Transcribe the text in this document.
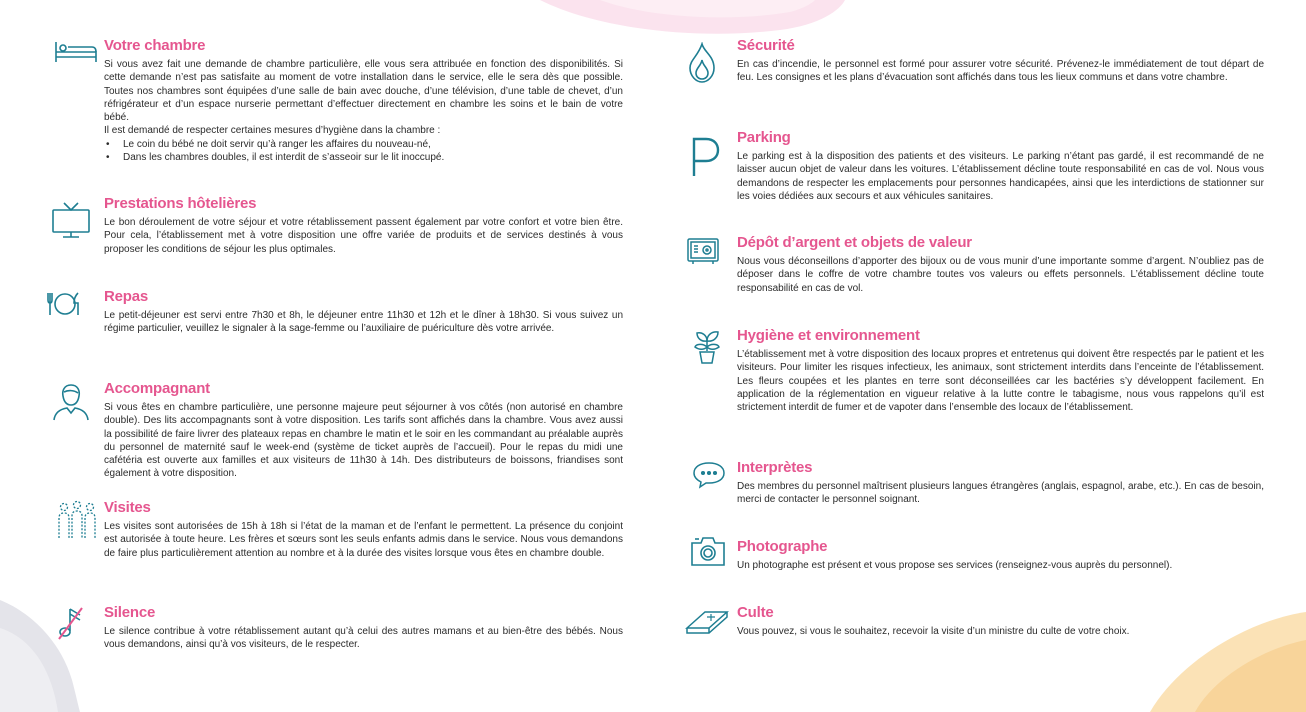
Votre chambre

Si vous avez fait une demande de chambre particulière, elle vous sera attribuée en fonction des disponibilités. Si cette demande n’est pas satisfaite au moment de votre installation dans le service, elle le sera dès que possible. Toutes nos chambres sont équipées d’une salle de bain avec douche, d’une télévision, d’une table de chevet, d’un réfrigérateur et d’un espace nurserie permettant d’effectuer directement en chambre les soins et le bain de votre bébé.

Il est demandé de respecter certaines mesures d’hygiène dans la chambre :

• Le coin du bébé ne doit servir qu’à ranger les affaires du nouveau-né,
• Dans les chambres doubles, il est interdit de s’asseoir sur le lit inoccupé.
Prestations hôtelières

Le bon déroulement de votre séjour et votre rétablissement passent également par votre confort et votre bien être. Pour cela, l’établissement met à votre disposition une offre variée de produits et de services destinés à vous proposer les conditions de séjour les plus optimales.

Repas

Le petit-déjeuner est servi entre 7h30 et 8h, le déjeuner entre 11h30 et 12h et le dîner à 18h30. Si vous suivez un régime particulier, veuillez le signaler à la sage-femme ou l’auxiliaire de puériculture dès votre arrivée.

Accompagnant

Si vous êtes en chambre particulière, une personne majeure peut séjourner à vos côtés (non autorisé en chambre double). Des lits accompagnants sont à votre disposition. Les tarifs sont affichés dans la chambre. Vous avez aussi la possibilité de faire livrer des plateaux repas en chambre le matin et le soir en les commandant au préalable auprès du personnel de maternité sauf le week-end (système de ticket auprès de l’accueil). Pour le repas du midi une cafétéria est ouverte aux familles et aux visiteurs de 11h30 à 14h. Des distributeurs de boissons, friandises sont également à votre disposition.

Visites

Les visites sont autorisées de 15h à 18h si l’état de la maman et de l’enfant le permettent. La présence du conjoint est autorisée à toute heure. Les frères et sœurs sont les seuls enfants admis dans le service. Nous vous demandons de faire plus particulièrement attention au nombre et à la durée des visites lorsque vous êtes en chambre double.

Silence

Le silence contribue à votre rétablissement autant qu’à celui des autres mamans et au bien-être des bébés. Nous vous demandons, ainsi qu’à vos visiteurs, de le respecter.

Sécurité

En cas d’incendie, le personnel est formé pour assurer votre sécurité. Prévenez-le immédiatement de tout départ de feu. Les consignes et les plans d’évacuation sont affichés dans tous les lieux communs et dans votre chambre.

Parking

Le parking est à la disposition des patients et des visiteurs. Le parking n’étant pas gardé, il est recommandé de ne laisser aucun objet de valeur dans les voitures. L’établissement décline toute responsabilité en cas de vol. Nous vous demandons de respecter les emplacements pour personnes handicapées, ainsi que les interdictions de stationner sur les voies dédiées aux secours et aux véhicules sanitaires.

Dépôt d’argent et objets de valeur

Nous vous déconseillons d’apporter des bijoux ou de vous munir d’une importante somme d’argent. N’oubliez pas de déposer dans le coffre de votre chambre toutes vos valeurs ou effets personnels. L’établissement décline toute responsabilité en cas de vol.

Hygiène et environnement

L’établissement met à votre disposition des locaux propres et entretenus qui doivent être respectés par le patient et les visiteurs. Pour limiter les risques infectieux, les animaux, sont strictement interdits dans l’enceinte de l’établissement. Les fleurs coupées et les plantes en terre sont déconseillées car les bactéries s’y développent facilement. En application de la réglementation en vigueur relative à la lutte contre le tabagisme, nous vous rappelons qu’il est strictement interdit de fumer et de vapoter dans l’ensemble des locaux de l’établissement.

Interprètes

Des membres du personnel maîtrisent plusieurs langues étrangères (anglais, espagnol, arabe, etc.). En cas de besoin, merci de contacter le personnel soignant.

Photographe

Un photographe est présent et vous propose ses services (renseignez-vous auprès du personnel).

Culte

Vous pouvez, si vous le souhaitez, recevoir la visite d’un ministre du culte de votre choix.
